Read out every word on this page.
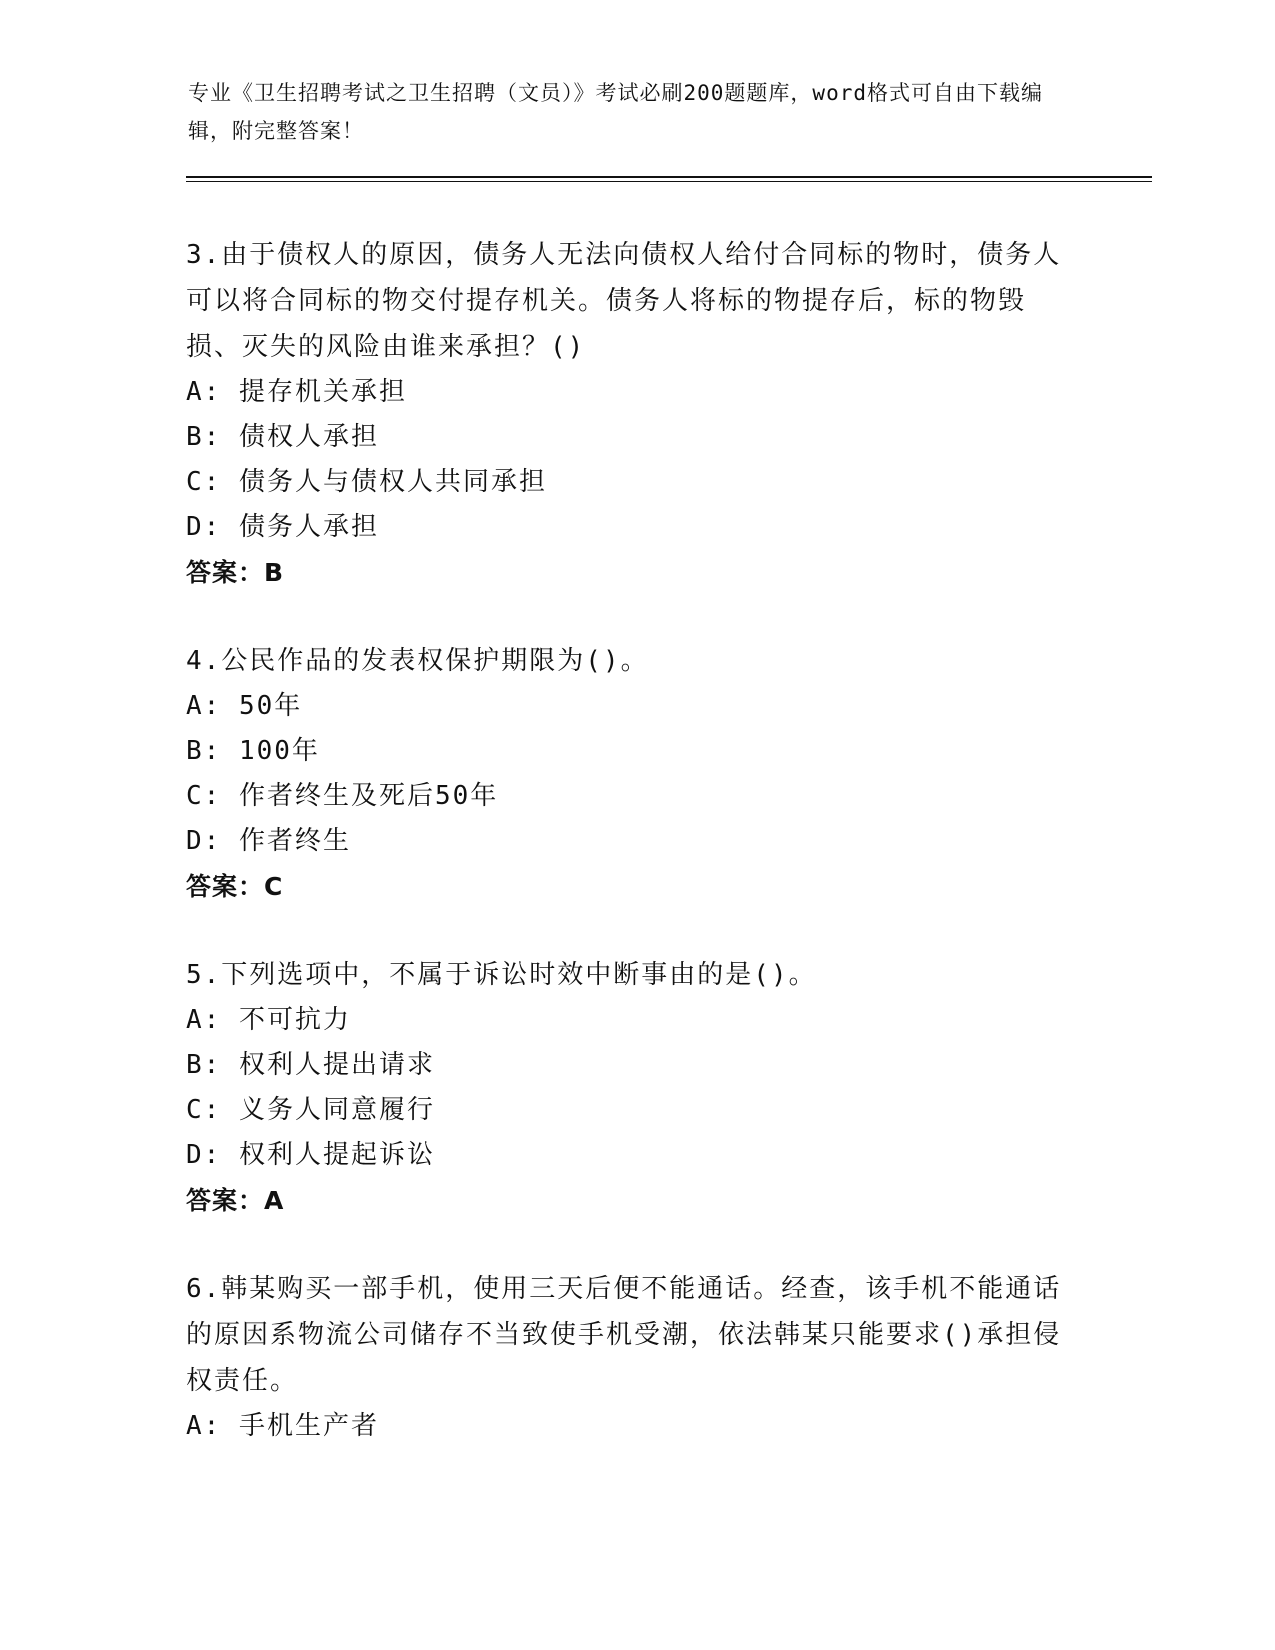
专业《卫生招聘考试之卫生招聘（文员）》考试必刷200题题库，word格式可自由下载编辑，附完整答案！
3.由于债权人的原因，债务人无法向债权人给付合同标的物时，债务人可以将合同标的物交付提存机关。债务人将标的物提存后，标的物毁损、灭失的风险由谁来承担？()
A: 提存机关承担
B: 债权人承担
C: 债务人与债权人共同承担
D: 债务人承担
答案：B
4.公民作品的发表权保护期限为()。
A: 50年
B: 100年
C: 作者终生及死后50年
D: 作者终生
答案：C
5.下列选项中，不属于诉讼时效中断事由的是()。
A: 不可抗力
B: 权利人提出请求
C: 义务人同意履行
D: 权利人提起诉讼
答案：A
6.韩某购买一部手机，使用三天后便不能通话。经查，该手机不能通话的原因系物流公司储存不当致使手机受潮，依法韩某只能要求()承担侵权责任。
A: 手机生产者
